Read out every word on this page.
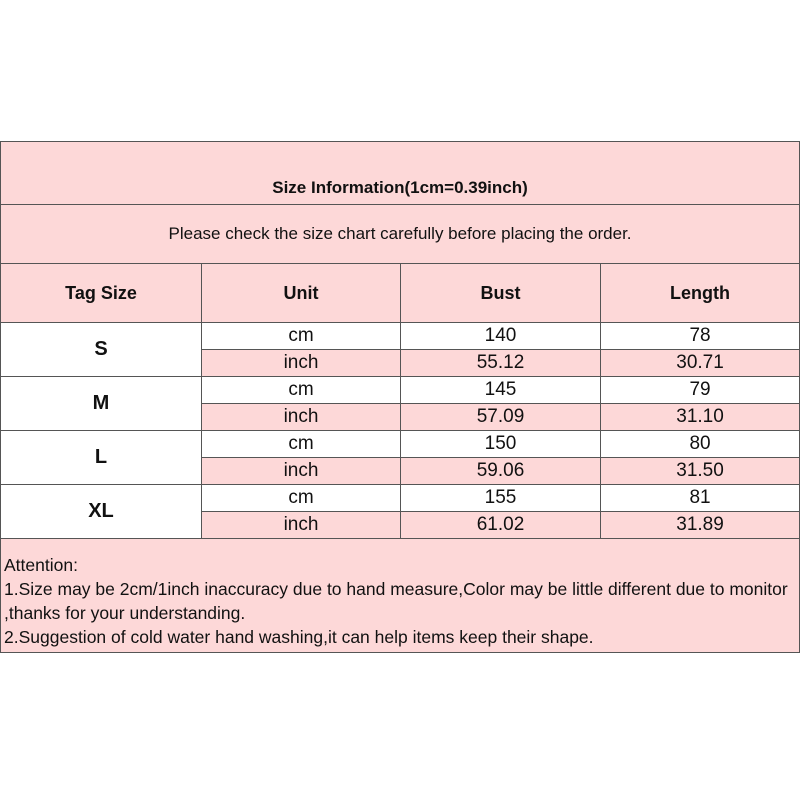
Size Information(1cm=0.39inch)			
Please check the size chart carefully before placing the order.			
Tag Size	Unit	Bust	Length
S	cm	140	78
	inch	55.12	30.71
M	cm	145	79
	inch	57.09	31.10
L	cm	150	80
	inch	59.06	31.50
XL	cm	155	81
	inch	61.02	31.89

Attention:
1.Size may be 2cm/1inch inaccuracy due to hand measure,Color may be little different due to monitor ,thanks for your understanding.
2.Suggestion of cold water hand washing,it can help items keep their shape.			
